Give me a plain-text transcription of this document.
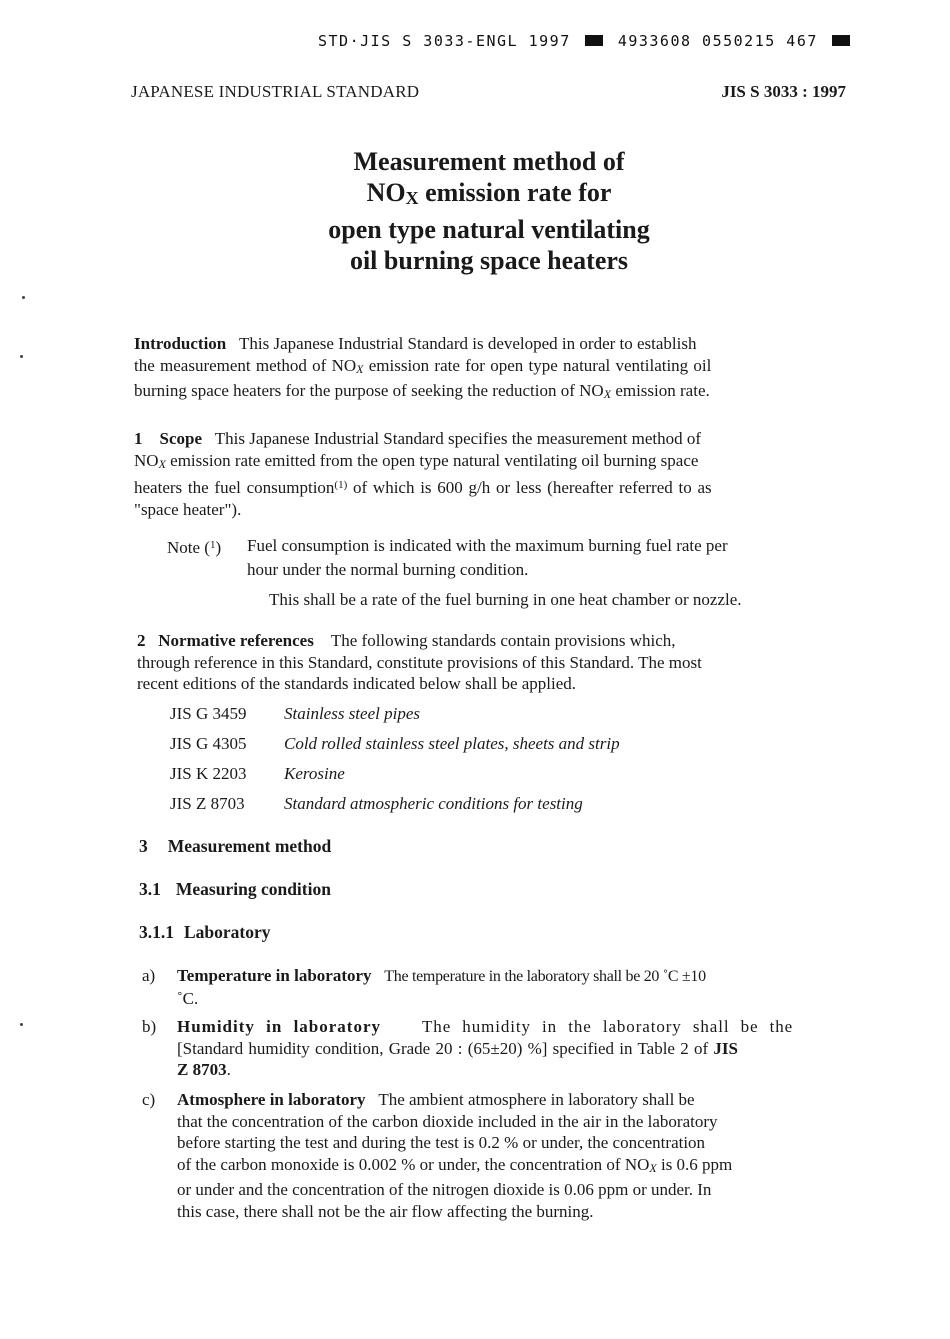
STD·JIS S 3033-ENGL 1997	4933608 0550215 467
JAPANESE INDUSTRIAL STANDARD	JIS S 3033 : 1997
Measurement method of
NOX emission rate for
open type natural ventilating
oil burning space heaters
Introduction This Japanese Industrial Standard is developed in order to establish
the measurement method of $NO_X$ emission rate for open type natural ventilating oil
burning space heaters for the purpose of seeking the reduction of $NO_X$ emission rate.
1 Scope This Japanese Industrial Standard specifies the measurement method of
$NO_X$ emission rate emitted from the open type natural ventilating oil burning space
heaters the fuel consumption$^{(1)}$ of which is 600 g/h or less (hereafter referred to as
"space heater").
Note ($^1$) Fuel consumption is indicated with the maximum burning fuel rate per
hour under the normal burning condition.
This shall be a rate of the fuel burning in one heat chamber or nozzle.
2 Normative references The following standards contain provisions which,
through reference in this Standard, constitute provisions of this Standard. The most
recent editions of the standards indicated below shall be applied.
JIS G 3459 Stainless steel pipes
JIS G 4305 Cold rolled stainless steel plates, sheets and strip
JIS K 2203 Kerosine
JIS Z 8703 Standard atmospheric conditions for testing
3 Measurement method
3.1 Measuring condition
3.1.1 Laboratory
a) Temperature in laboratory The temperature in the laboratory shall be 20 ˚C ±10
˚C.
b) Humidity in laboratory The humidity in the laboratory shall be the
[Standard humidity condition, Grade 20 : (65±20) %] specified in Table 2 of JIS
Z 8703.
c) Atmosphere in laboratory The ambient atmosphere in laboratory shall be
that the concentration of the carbon dioxide included in the air in the laboratory
before starting the test and during the test is 0.2 % or under, the concentration
of the carbon monoxide is 0.002 % or under, the concentration of $NO_X$ is 0.6 ppm
or under and the concentration of the nitrogen dioxide is 0.06 ppm or under. In
this case, there shall not be the air flow affecting the burning.
